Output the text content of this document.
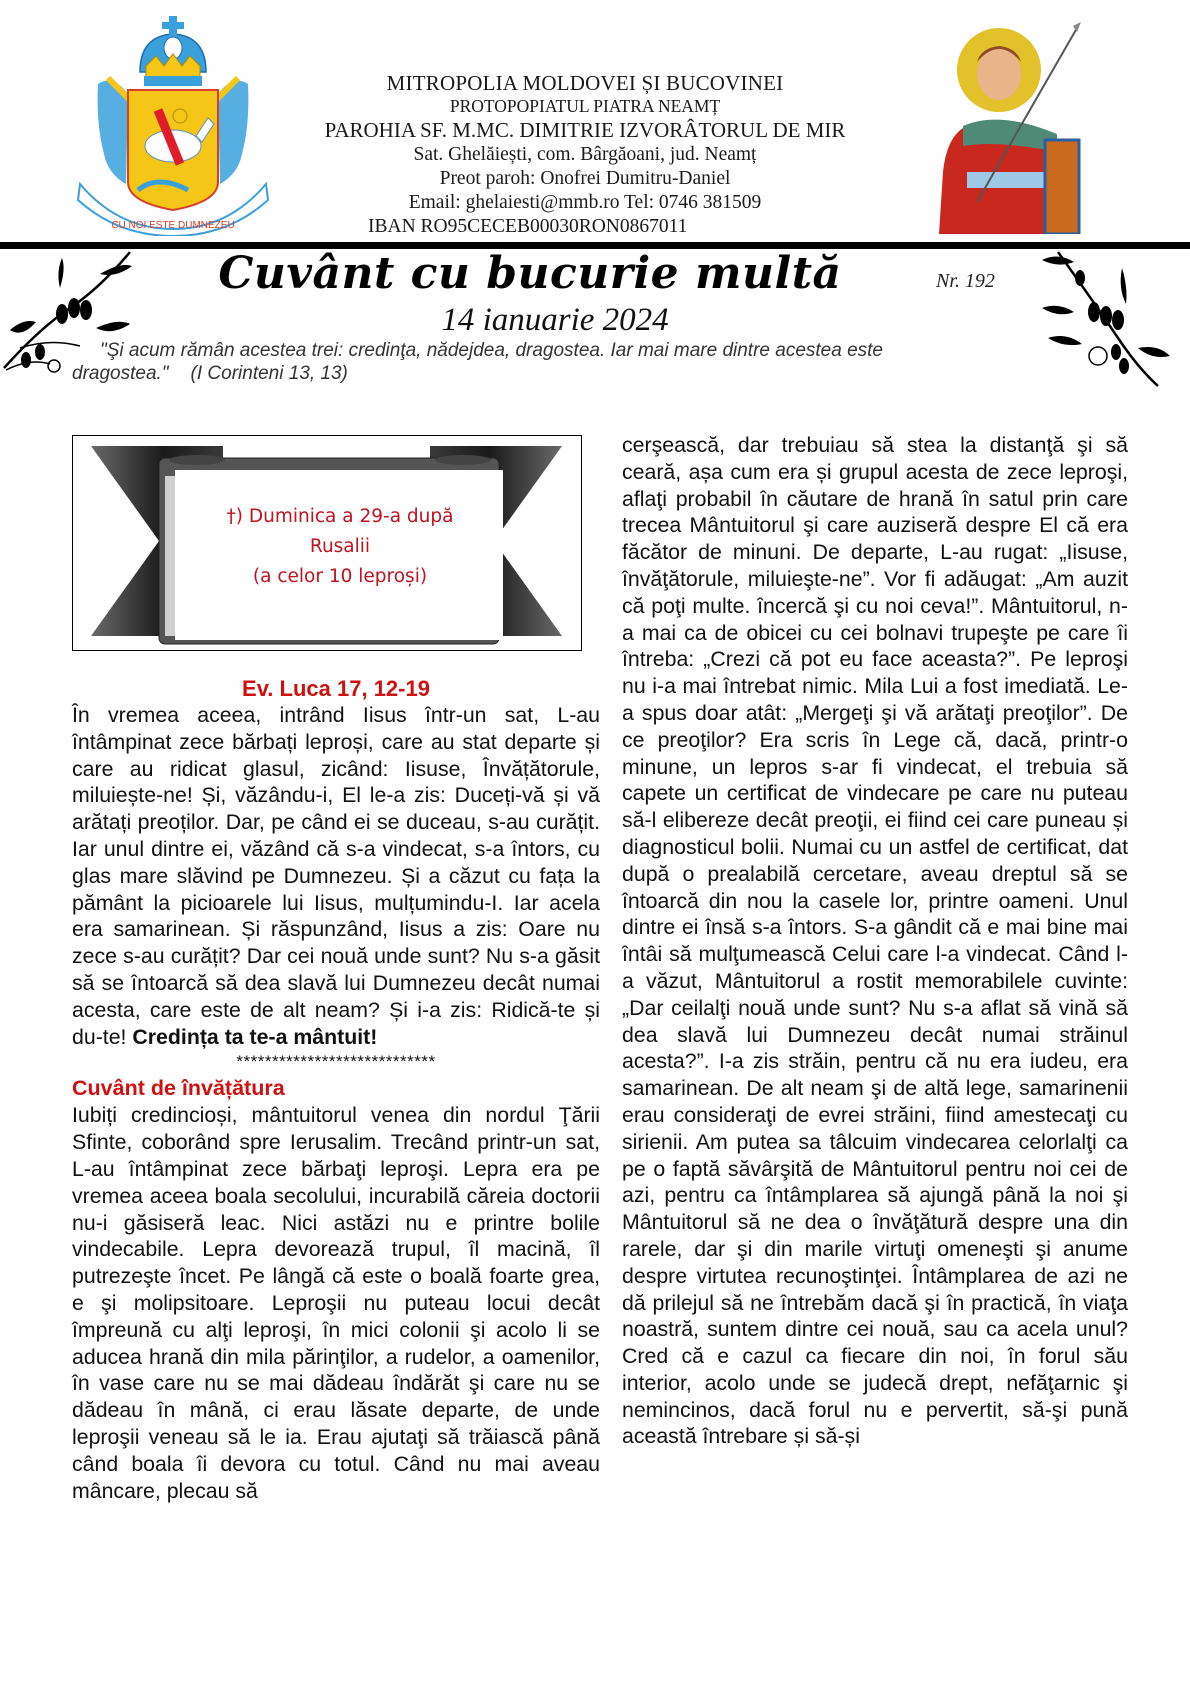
CU NOI ESTE DUMNEZEU
MITROPOLIA MOLDOVEI ȘI BUCOVINEI
PROTOPOPIATUL PIATRA NEAMȚ
PAROHIA SF. M.MC. DIMITRIE IZVORÂTORUL DE MIR
Sat. Ghelăiești, com. Bârgăoani, jud. Neamț
Preot paroh: Onofrei Dumitru-Daniel
Email: ghelaiesti@mmb.ro Tel: 0746 381509
IBAN RO95CECEB00030RON0867011
Cuvânt cu bucurie multă	Nr. 192
14 ianuarie 2024
"Şi acum rămân acestea trei: credinţa, nădejdea, dragostea. Iar mai mare dintre acestea este
dragostea." (I Corinteni 13, 13)
†) Duminica a 29-a după
Rusalii
(a celor 10 leproși)

Ev. Luca 17, 12-19

În vremea aceea, intrând Iisus într-un sat, L-au întâmpinat zece bărbați leproși, care au stat departe și care au ridicat glasul, zicând: Iisuse, Învățătorule, miluiește-ne! Și, văzându-i, El le-a zis: Duceți-vă și vă arătați preoților. Dar, pe când ei se duceau, s-au curățit. Iar unul dintre ei, văzând că s-a vindecat, s-a întors, cu glas mare slăvind pe Dumnezeu. Și a căzut cu fața la pământ la picioarele lui Iisus, mulțumindu-I. Iar acela era samarinean. Și răspunzând, Iisus a zis: Oare nu zece s-au curățit? Dar cei nouă unde sunt? Nu s-a găsit să se întoarcă să dea slavă lui Dumnezeu decât numai acesta, care este de alt neam? Și i-a zis: Ridică-te și du-te! Credința ta te-a mântuit!

****************************

Cuvânt de învățătura

Iubiți credincioși, mântuitorul venea din nordul Ţării Sfinte, coborând spre Ierusalim. Trecând printr-un sat, L-au întâmpinat zece bărbaţi leproşi. Lepra era pe vremea aceea boala secolului, incurabilă căreia doctorii nu-i găsiseră leac. Nici astăzi nu e printre bolile vindecabile. Lepra devorează trupul, îl macină, îl putrezeşte încet. Pe lângă că este o boală foarte grea, e şi molipsitoare. Leproşii nu puteau locui decât împreună cu alţi leproşi, în mici colonii şi acolo li se aducea hrană din mila părinţilor, a rudelor, a oamenilor, în vase care nu se mai dădeau îndărăt şi care nu se dădeau în mână, ci erau lăsate departe, de unde leproşii veneau să le ia. Erau ajutaţi să trăiască până când boala îi devora cu totul. Când nu mai aveau mâncare, plecau să

cerşească, dar trebuiau să stea la distanţă şi să ceară, așa cum era și grupul acesta de zece leproşi, aflaţi probabil în căutare de hrană în satul prin care trecea Mântuitorul şi care auziseră despre El că era făcător de minuni. De departe, L-au rugat: „Iisuse, învăţătorule, miluieşte-ne”. Vor fi adăugat: „Am auzit că poţi multe. încercă şi cu noi ceva!”. Mântuitorul, n-a mai ca de obicei cu cei bolnavi trupeşte pe care îi întreba: „Crezi că pot eu face aceasta?”. Pe leproşi nu i-a mai întrebat nimic. Mila Lui a fost imediată. Le-a spus doar atât: „Mergeţi şi vă arătaţi preoţilor”. De ce preoţilor? Era scris în Lege că, dacă, printr-o minune, un lepros s-ar fi vindecat, el trebuia să capete un certificat de vindecare pe care nu puteau să-l elibereze decât preoţii, ei fiind cei care puneau și diagnosticul bolii. Numai cu un astfel de certificat, dat după o prealabilă cercetare, aveau dreptul să se întoarcă din nou la casele lor, printre oameni. Unul dintre ei însă s-a întors. S-a gândit că e mai bine mai întâi să mulţumească Celui care l-a vindecat. Când l-a văzut, Mântuitorul a rostit memorabilele cuvinte: „Dar ceilalţi nouă unde sunt? Nu s-a aflat să vină să dea slavă lui Dumnezeu decât numai străinul acesta?”. I-a zis străin, pentru că nu era iudeu, era samarinean. De alt neam şi de altă lege, samarinenii erau consideraţi de evrei străini, fiind amestecaţi cu sirienii. Am putea sa tâlcuim vindecarea celorlalţi ca pe o faptă săvârşită de Mântuitorul pentru noi cei de azi, pentru ca întâmplarea să ajungă până la noi şi Mântuitorul să ne dea o învăţătură despre una din rarele, dar şi din marile virtuţi omeneşti şi anume despre virtutea recunoştinţei. Întâmplarea de azi ne dă prilejul să ne întrebăm dacă şi în practică, în viaţa noastră, suntem dintre cei nouă, sau ca acela unul? Cred că e cazul ca fiecare din noi, în forul său interior, acolo unde se judecă drept, nefăţarnic şi nemincinos, dacă forul nu e pervertit, să-şi pună această întrebare și să-și
